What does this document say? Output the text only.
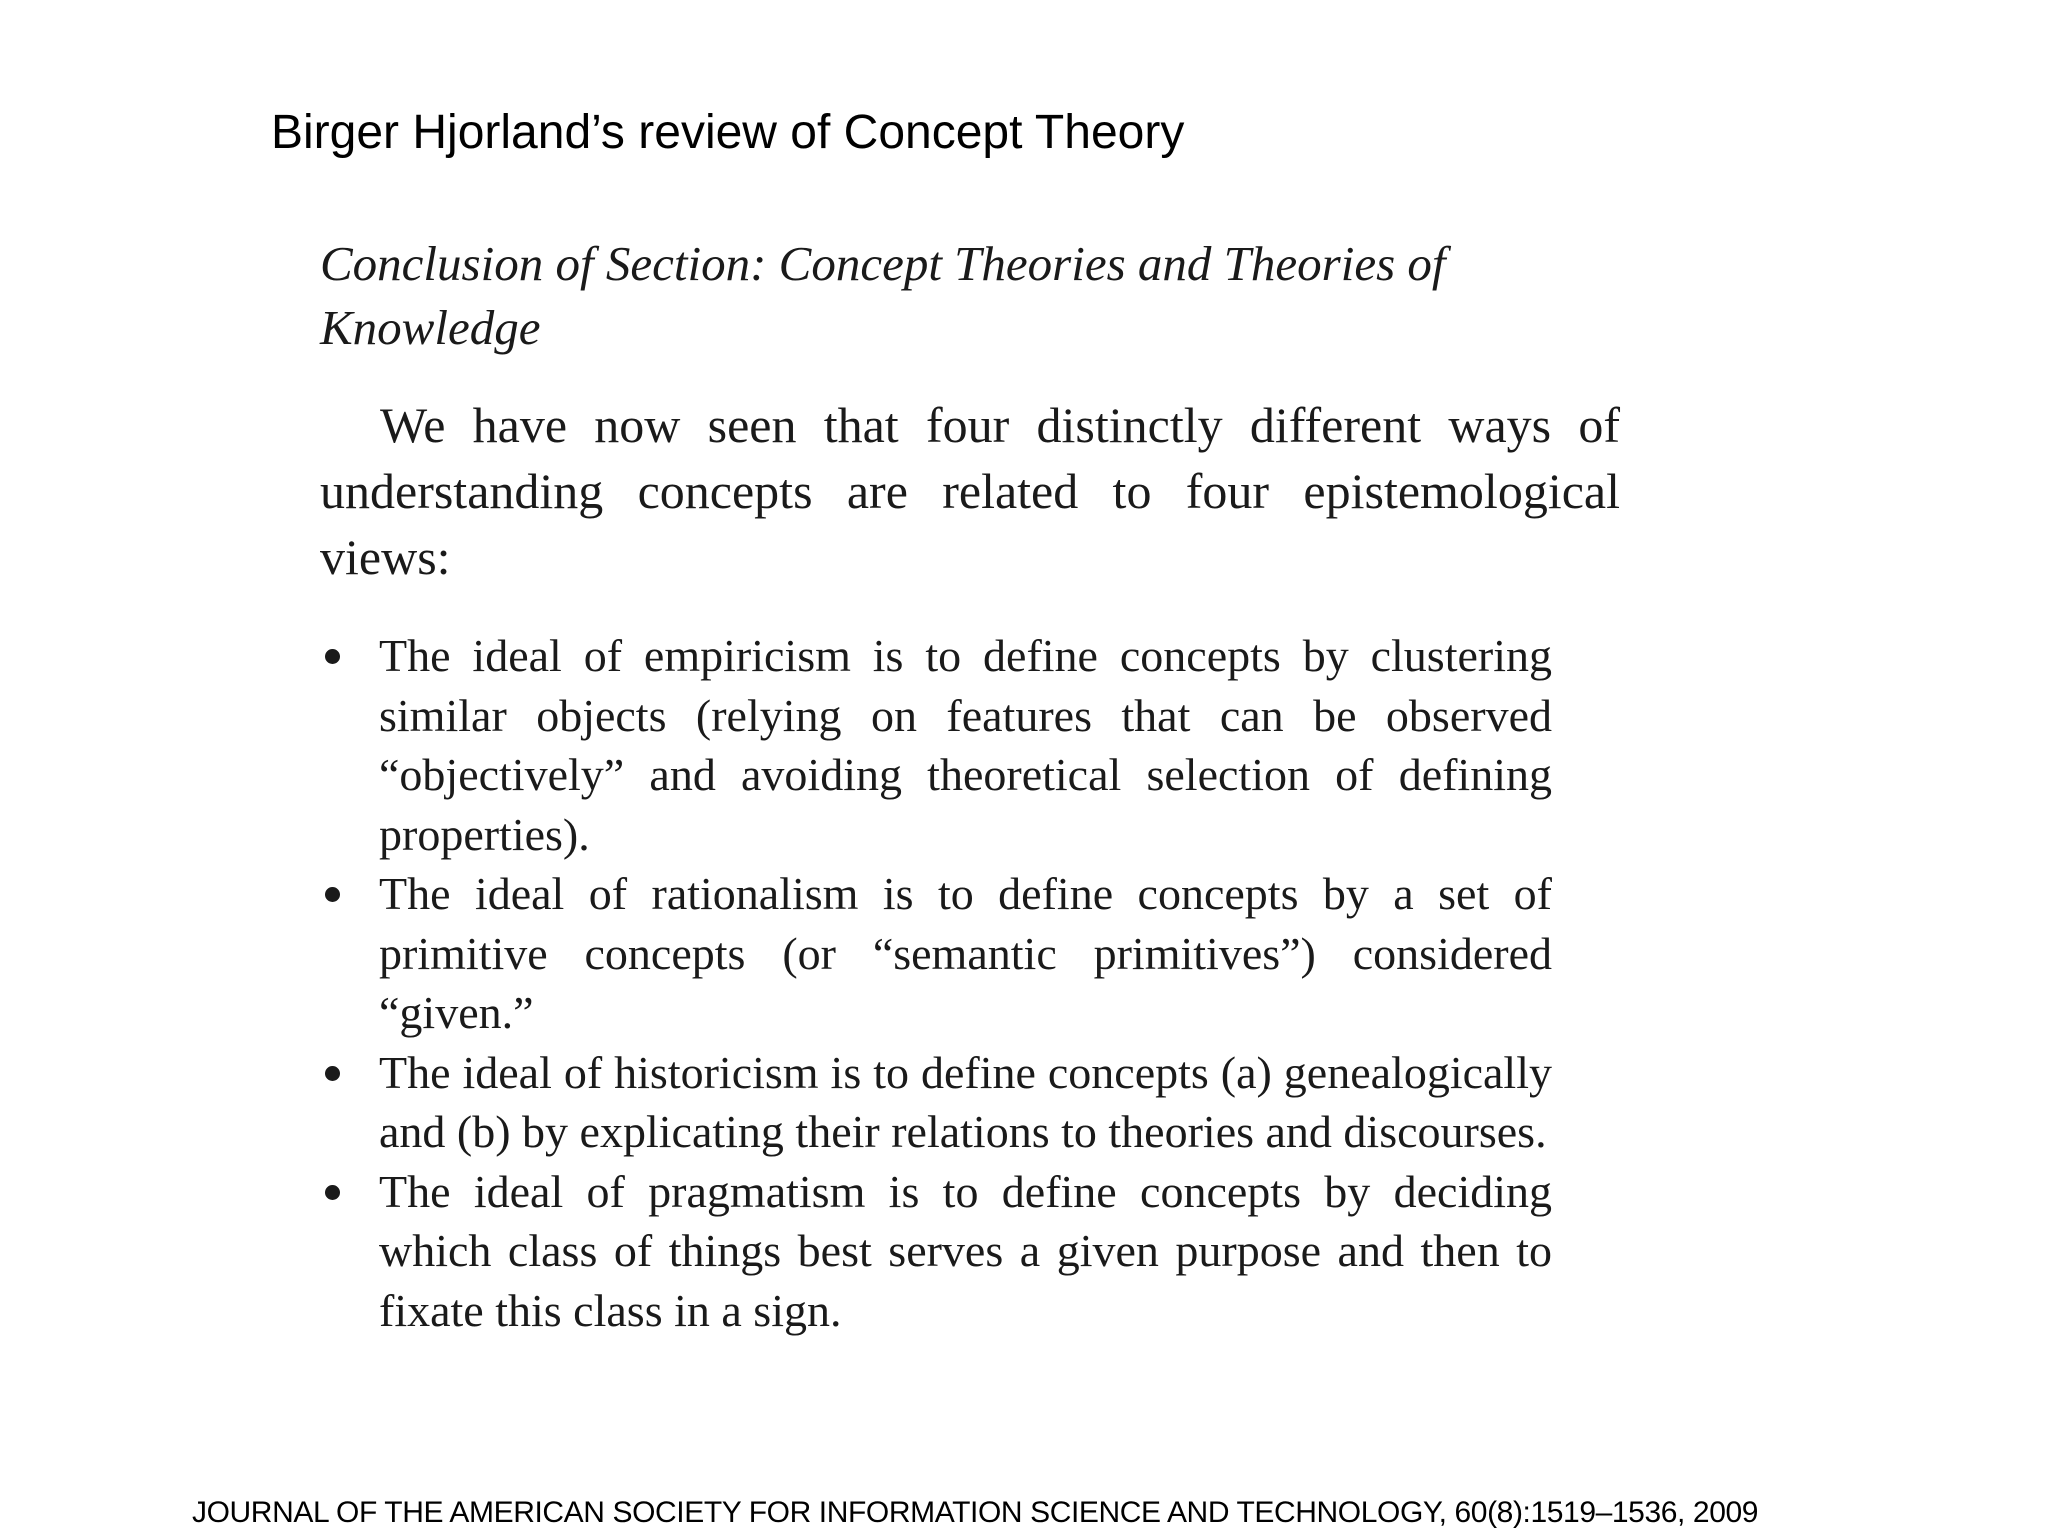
Birger Hjorland’s review of Concept Theory
Conclusion of Section: Concept Theories and Theories of Knowledge

We have now seen that four distinctly different ways of understanding concepts are related to four epistemological views:

The ideal of empiricism is to define concepts by clustering similar objects (relying on features that can be observed “objectively” and avoiding theoretical selection of defining properties).
The ideal of rationalism is to define concepts by a set of primitive concepts (or “semantic primitives”) considered “given.”
The ideal of historicism is to define concepts (a) genealogically and (b) by explicating their relations to theories and discourses.
The ideal of pragmatism is to define concepts by deciding which class of things best serves a given purpose and then to fixate this class in a sign.

JOURNAL OF THE AMERICAN SOCIETY FOR INFORMATION SCIENCE AND TECHNOLOGY, 60(8):1519–1536, 2009
